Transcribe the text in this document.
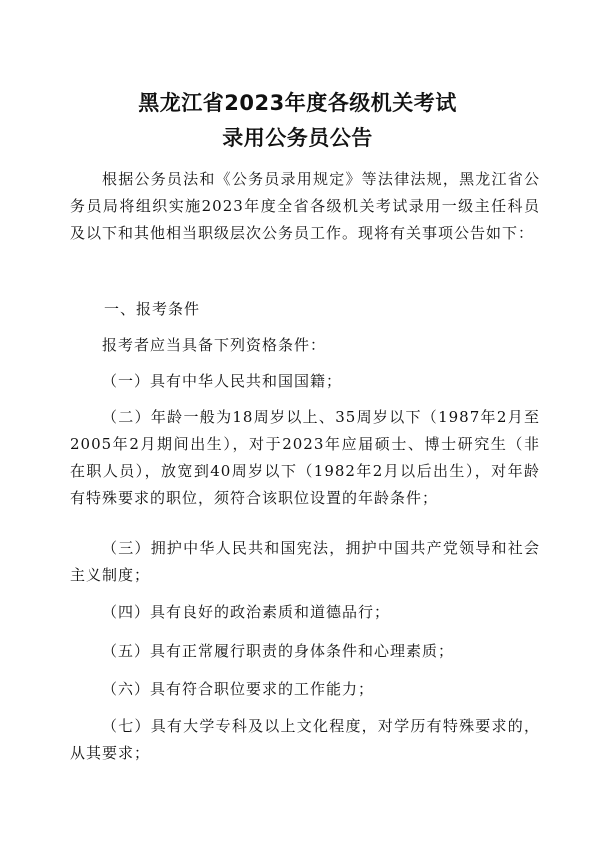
黑龙江省2023年度各级机关考试
录用公务员公告
根据公务员法和《公务员录用规定》等法律法规，黑龙江省公务员局将组织实施2023年度全省各级机关考试录用一级主任科员及以下和其他相当职级层次公务员工作。现将有关事项公告如下：
一、报考条件
报考者应当具备下列资格条件：
（一）具有中华人民共和国国籍；
（二）年龄一般为18周岁以上、35周岁以下（1987年2月至2005年2月期间出生），对于2023年应届硕士、博士研究生（非在职人员），放宽到40周岁以下（1982年2月以后出生），对年龄有特殊要求的职位，须符合该职位设置的年龄条件；
（三）拥护中华人民共和国宪法，拥护中国共产党领导和社会主义制度；
（四）具有良好的政治素质和道德品行；
（五）具有正常履行职责的身体条件和心理素质；
（六）具有符合职位要求的工作能力；
（七）具有大学专科及以上文化程度，对学历有特殊要求的，从其要求；
